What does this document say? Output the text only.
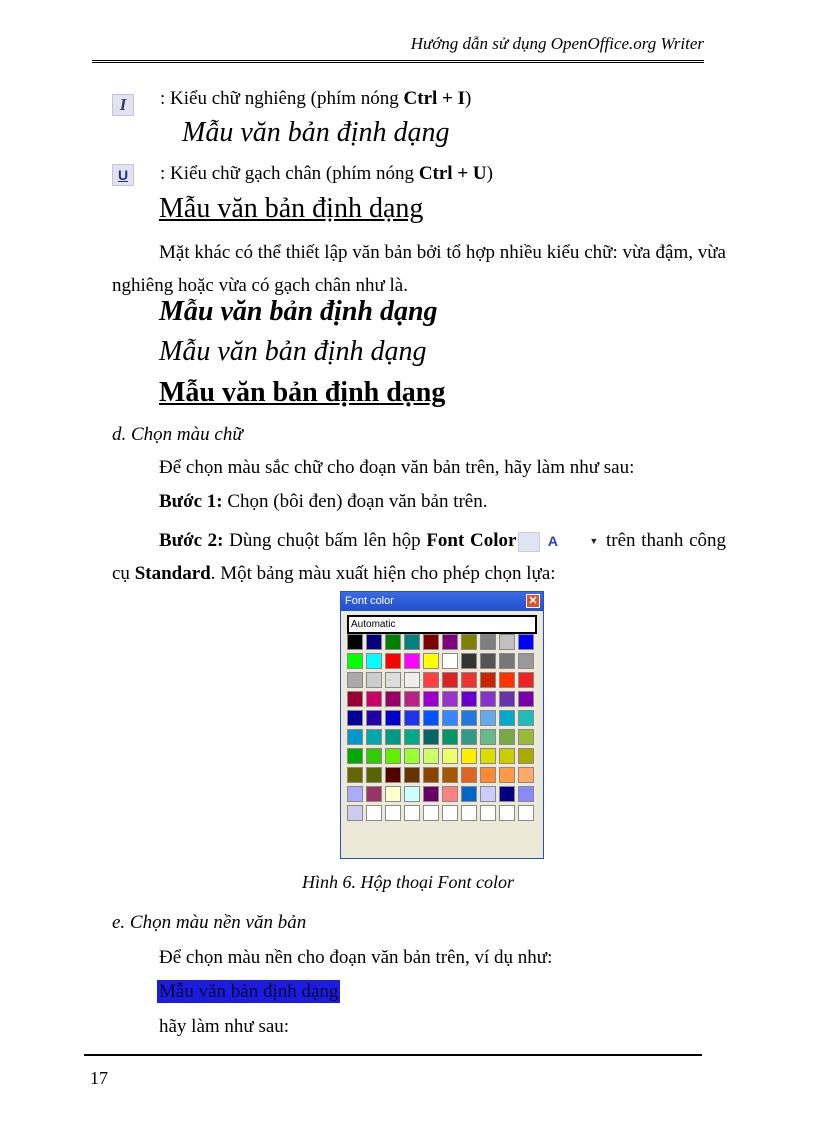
Hướng dẫn sử dụng OpenOffice.org Writer
I : Kiểu chữ nghiêng (phím nóng Ctrl + I)
Mẫu văn bản định dạng
U : Kiểu chữ gạch chân (phím nóng Ctrl + U)
Mẫu văn bản định dạng
Mặt khác có thể thiết lập văn bản bởi tổ hợp nhiều kiểu chữ: vừa đậm, vừa nghiêng hoặc vừa có gạch chân như là.
Mẫu văn bản định dạng
Mẫu văn bản định dạng
Mẫu văn bản định dạng
d. Chọn màu chữ
Để chọn màu sắc chữ cho đoạn văn bản trên, hãy làm như sau:
Bước 1: Chọn (bôi đen) đoạn văn bản trên.
Bước 2: Dùng chuột bấm lên hộp Font Color	A	▼ trên thanh công cụ Standard. Một bảng màu xuất hiện cho phép chọn lựa:
Font color	✕
Automatic
Hình 6. Hộp thoại Font color
e. Chọn màu nền văn bản
Để chọn màu nền cho đoạn văn bản trên, ví dụ như:
Mẫu văn bản định dạng
hãy làm như sau:
17
